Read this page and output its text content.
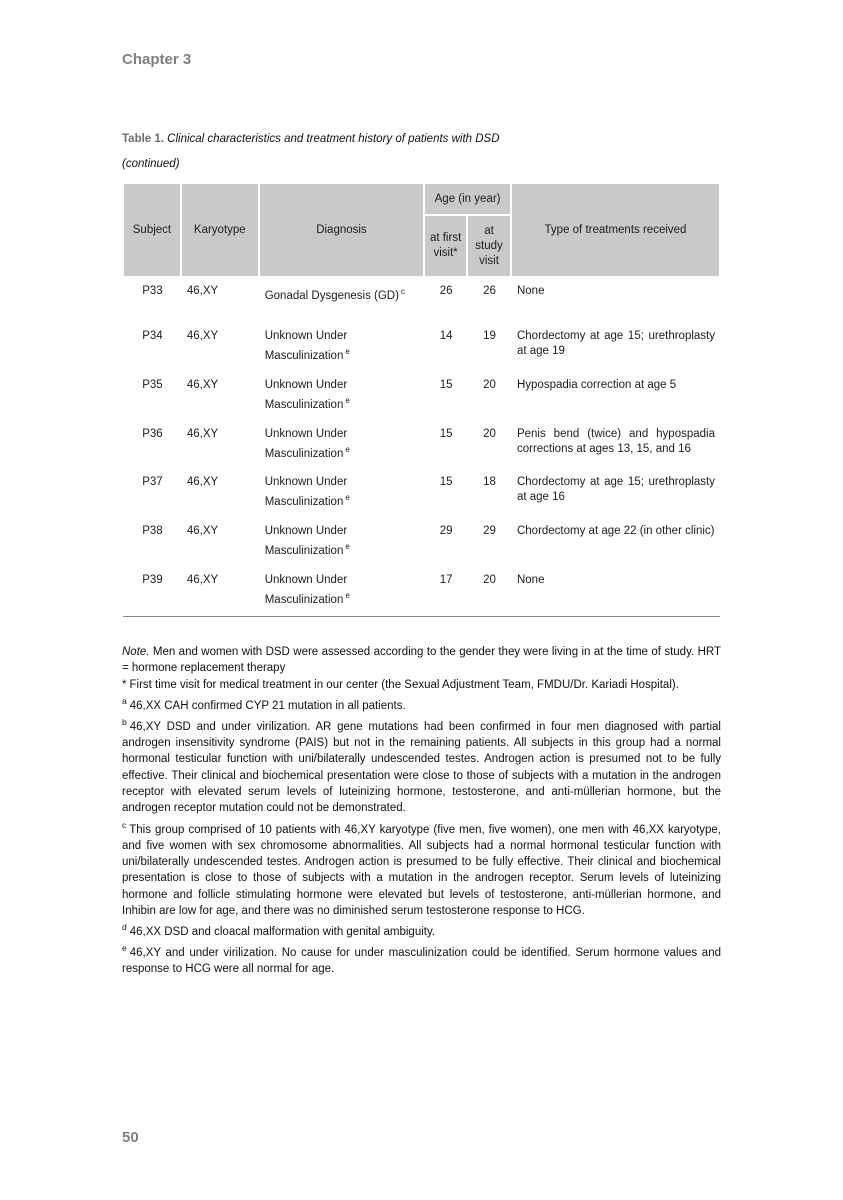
Chapter 3

Table 1. Clinical characteristics and treatment history of patients with DSD
(continued)
Subject	Karyotype	Diagnosis	Age (in year)		Type of treatments received
			at first visit*	at study visit	
P33	46,XY	Gonadal Dysgenesis (GD) $^c$	26	26	None
P34	46,XY	Unknown Under Masculinization $^e$	14	19	Chordectomy at age 15; urethroplasty at age 19
P35	46,XY	Unknown Under Masculinization $^e$	15	20	Hypospadia correction at age 5
P36	46,XY	Unknown Under Masculinization $^e$	15	20	Penis bend (twice) and hypospadia corrections at ages 13, 15, and 16
P37	46,XY	Unknown Under Masculinization $^e$	15	18	Chordectomy at age 15; urethroplasty at age 16
P38	46,XY	Unknown Under Masculinization $^e$	29	29	Chordectomy at age 22 (in other clinic)
P39	46,XY	Unknown Under Masculinization $^e$	17	20	None

Note. Men and women with DSD were assessed according to the gender they were living in at the time of study. HRT = hormone replacement therapy

* First time visit for medical treatment in our center (the Sexual Adjustment Team, FMDU/Dr. Kariadi Hospital).

$^a$ 46,XX CAH confirmed CYP 21 mutation in all patients.

$^b$ 46,XY DSD and under virilization. AR gene mutations had been confirmed in four men diagnosed with partial androgen insensitivity syndrome (PAIS) but not in the remaining patients. All subjects in this group had a normal hormonal testicular function with uni/bilaterally undescended testes. Androgen action is presumed not to be fully effective. Their clinical and biochemical presentation were close to those of subjects with a mutation in the androgen receptor with elevated serum levels of luteinizing hormone, testosterone, and anti-müllerian hormone, but the androgen receptor mutation could not be demonstrated.

$^c$ This group comprised of 10 patients with 46,XY karyotype (five men, five women), one men with 46,XX karyotype, and five women with sex chromosome abnormalities. All subjects had a normal hormonal testicular function with uni/bilaterally undescended testes. Androgen action is presumed to be fully effective. Their clinical and biochemical presentation is close to those of subjects with a mutation in the androgen receptor. Serum levels of luteinizing hormone and follicle stimulating hormone were elevated but levels of testosterone, anti-müllerian hormone, and Inhibin are low for age, and there was no diminished serum testosterone response to HCG.

$^d$ 46,XX DSD and cloacal malformation with genital ambiguity.

$^e$ 46,XY and under virilization. No cause for under masculinization could be identified. Serum hormone values and response to HCG were all normal for age.

50
